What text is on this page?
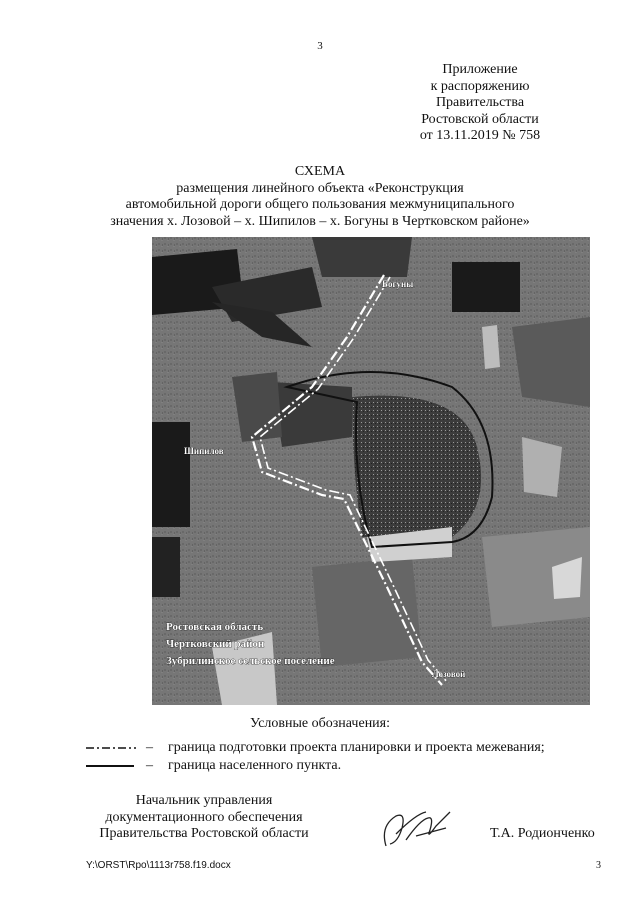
3
Приложение
к распоряжению
Правительства
Ростовской области
от 13.11.2019 № 758
СХЕМА
размещения линейного объекта «Реконструкция
автомобильной дороги общего пользования межмуниципального
значения х. Лозовой – х. Шипилов – х. Богуны в Чертковском районе»
Богуны
Шипилов
Лозовой
Ростовская область
Чертковский район
Зубрилинское сельское поселение
Условные обозначения:
– граница подготовки проекта планировки и проекта межевания;
– граница населенного пункта.
Начальник управления
документационного обеспечения
Правительства Ростовской области	Т.А. Родионченко
Y:\ORST\Rpo\1113r758.f19.docx	3
